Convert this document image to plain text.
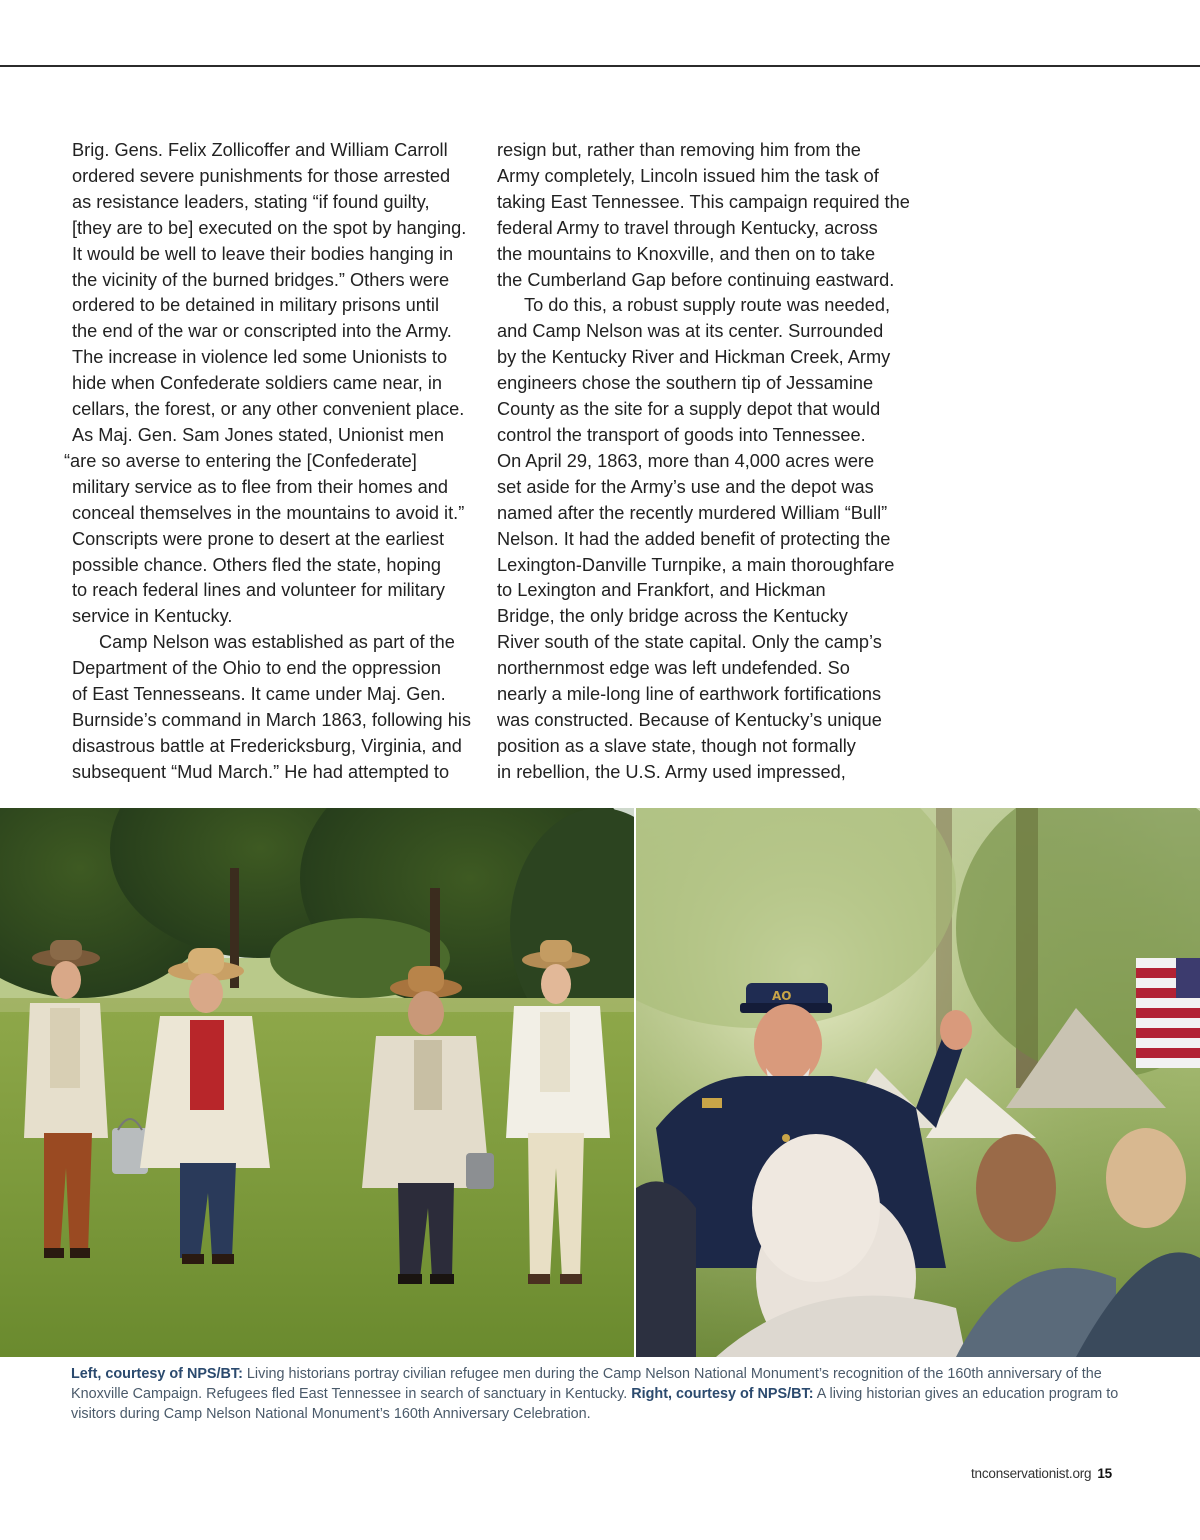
Brig. Gens. Felix Zollicoffer and William Carroll
ordered severe punishments for those arrested
as resistance leaders, stating “if found guilty,
[they are to be] executed on the spot by hanging.
It would be well to leave their bodies hanging in
the vicinity of the burned bridges.” Others were
ordered to be detained in military prisons until
the end of the war or conscripted into the Army.
The increase in violence led some Unionists to
hide when Confederate soldiers came near, in
cellars, the forest, or any other convenient place.
As Maj. Gen. Sam Jones stated, Unionist men
“are so averse to entering the [Confederate]
military service as to flee from their homes and
conceal themselves in the mountains to avoid it.”
Conscripts were prone to desert at the earliest
possible chance. Others fled the state, hoping
to reach federal lines and volunteer for military
service in Kentucky.
Camp Nelson was established as part of the
Department of the Ohio to end the oppression
of East Tennesseans. It came under Maj. Gen.
Burnside’s command in March 1863, following his
disastrous battle at Fredericksburg, Virginia, and
subsequent “Mud March.” He had attempted to
resign but, rather than removing him from the
Army completely, Lincoln issued him the task of
taking East Tennessee. This campaign required the
federal Army to travel through Kentucky, across
the mountains to Knoxville, and then on to take
the Cumberland Gap before continuing eastward.
To do this, a robust supply route was needed,
and Camp Nelson was at its center. Surrounded
by the Kentucky River and Hickman Creek, Army
engineers chose the southern tip of Jessamine
County as the site for a supply depot that would
control the transport of goods into Tennessee.
On April 29, 1863, more than 4,000 acres were
set aside for the Army’s use and the depot was
named after the recently murdered William “Bull”
Nelson. It had the added benefit of protecting the
Lexington-Danville Turnpike, a main thoroughfare
to Lexington and Frankfort, and Hickman
Bridge, the only bridge across the Kentucky
River south of the state capital. Only the camp’s
northernmost edge was left undefended. So
nearly a mile-long line of earthwork fortifications
was constructed. Because of Kentucky’s unique
position as a slave state, though not formally
in rebellion, the U.S. Army used impressed,
AO
Left, courtesy of NPS/BT: Living historians portray civilian refugee men during the Camp Nelson National Monument’s recognition of the 160th anniversary of the Knoxville Campaign. Refugees fled East Tennessee in search of sanctuary in Kentucky. Right, courtesy of NPS/BT: A living historian gives an education program to visitors during Camp Nelson National Monument’s 160th Anniversary Celebration.
tnconservationist.org 15
